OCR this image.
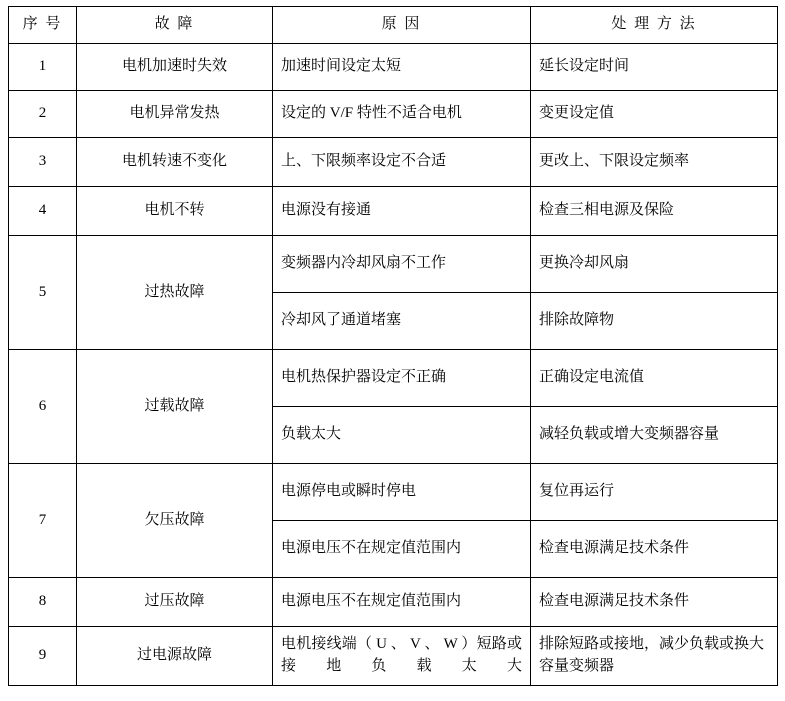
序 号	故 障	原 因	处 理 方 法
1	电机加速时失效	加速时间设定太短	延长设定时间
2	电机异常发热	设定的 V/F 特性不适合电机	变更设定值
3	电机转速不变化	上、下限频率设定不合适	更改上、下限设定频率
4	电机不转	电源没有接通	检查三相电源及保险
5	过热故障	变频器内冷却风扇不工作	更换冷却风扇
		冷却风了通道堵塞	排除故障物
6	过载故障	电机热保护器设定不正确	正确设定电流值
		负载太大	减轻负载或增大变频器容量
7	欠压故障	电源停电或瞬时停电	复位再运行
		电源电压不在规定值范围内	检查电源满足技术条件
8	过压故障	电源电压不在规定值范围内	检查电源满足技术条件
9	过电源故障	电机接线端（ U 、 V 、 W ）短路或接地负载太大	排除短路或接地，减少负载或换大容量变频器
